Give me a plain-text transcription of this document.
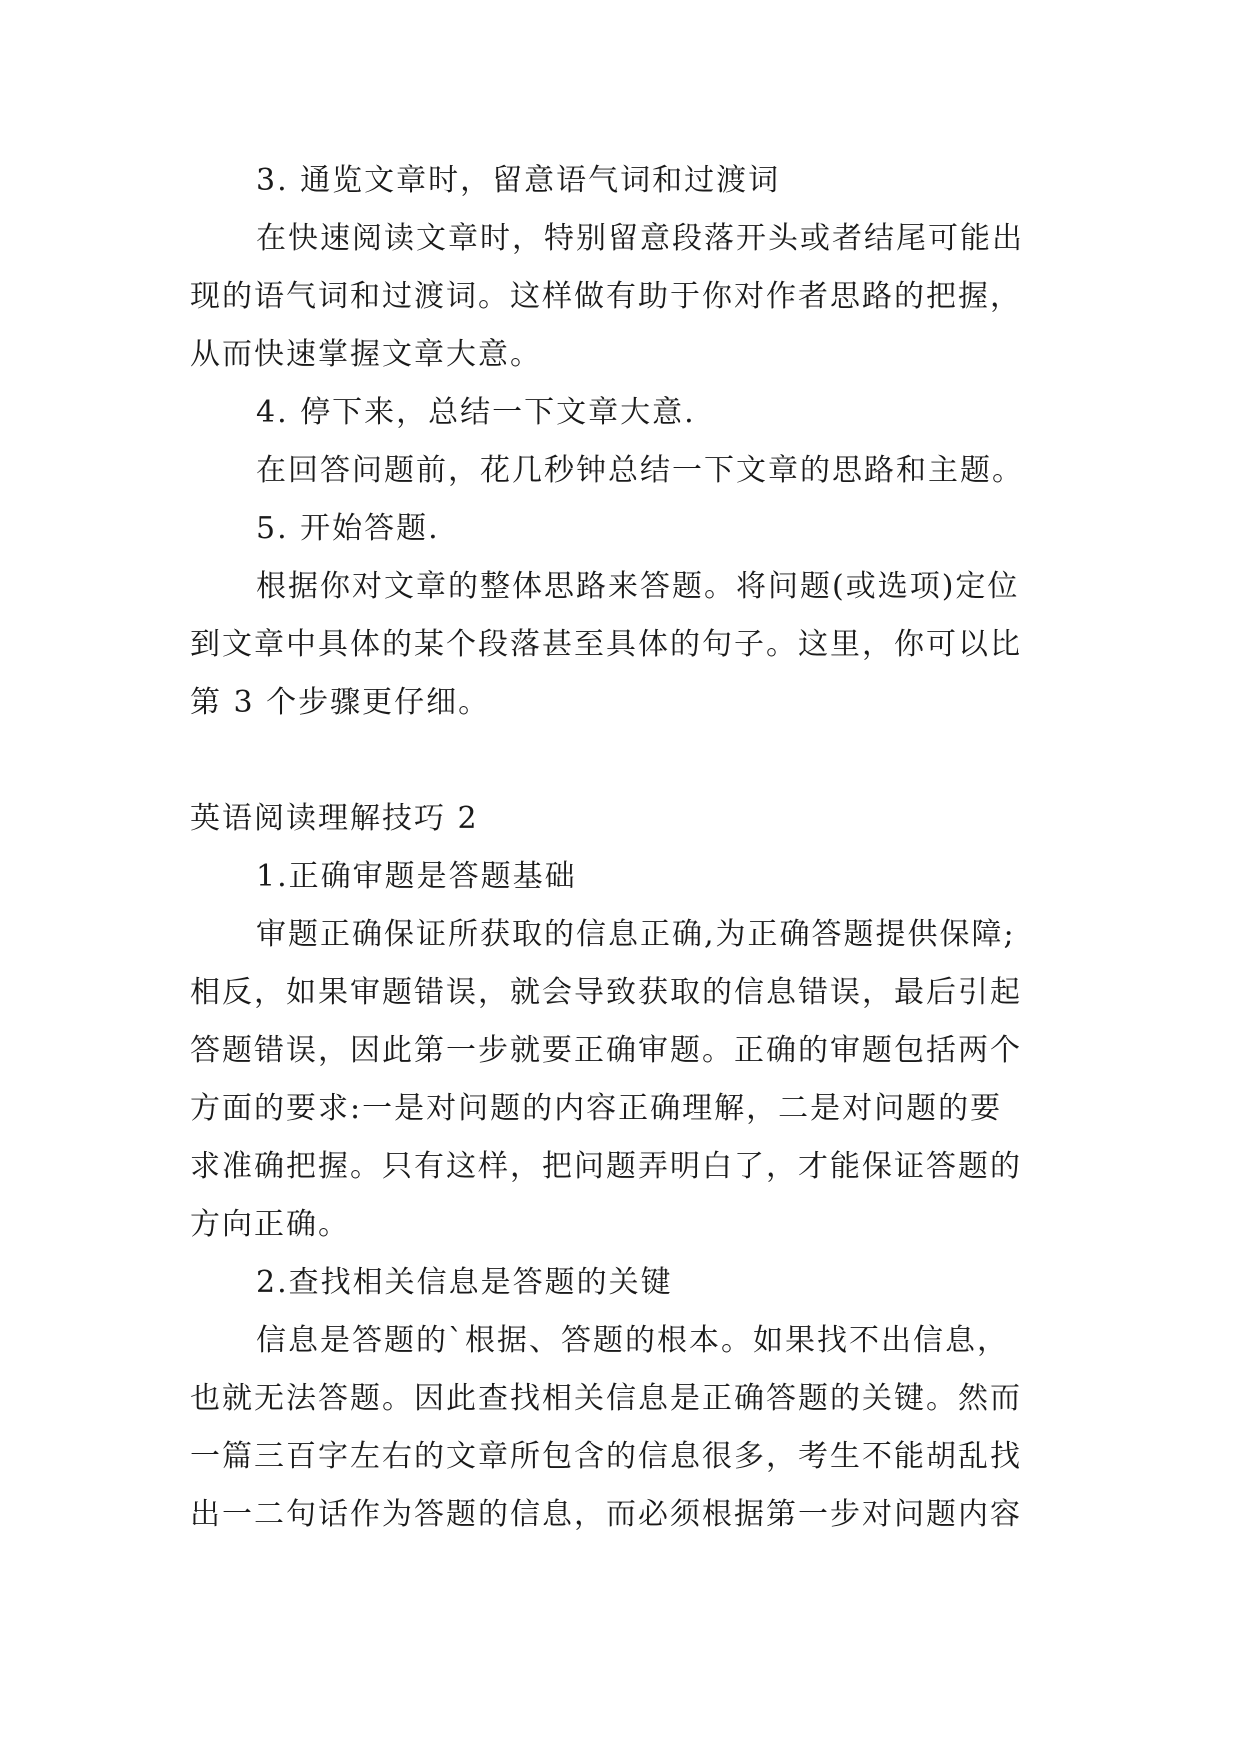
3. 通览文章时，留意语气词和过渡词
在快速阅读文章时，特别留意段落开头或者结尾可能出
现的语气词和过渡词。这样做有助于你对作者思路的把握，
从而快速掌握文章大意。
4. 停下来，总结一下文章大意.
在回答问题前，花几秒钟总结一下文章的思路和主题。
5. 开始答题.
根据你对文章的整体思路来答题。将问题(或选项)定位
到文章中具体的某个段落甚至具体的句子。这里，你可以比
第 3 个步骤更仔细。
英语阅读理解技巧 2
1.正确审题是答题基础
审题正确保证所获取的信息正确,为正确答题提供保障;
相反，如果审题错误，就会导致获取的信息错误，最后引起
答题错误，因此第一步就要正确审题。正确的审题包括两个
方面的要求:一是对问题的内容正确理解，二是对问题的要
求准确把握。只有这样，把问题弄明白了，才能保证答题的
方向正确。
2.查找相关信息是答题的关键
信息是答题的`根据、答题的根本。如果找不出信息，
也就无法答题。因此查找相关信息是正确答题的关键。然而
一篇三百字左右的文章所包含的信息很多，考生不能胡乱找
出一二句话作为答题的信息，而必须根据第一步对问题内容
